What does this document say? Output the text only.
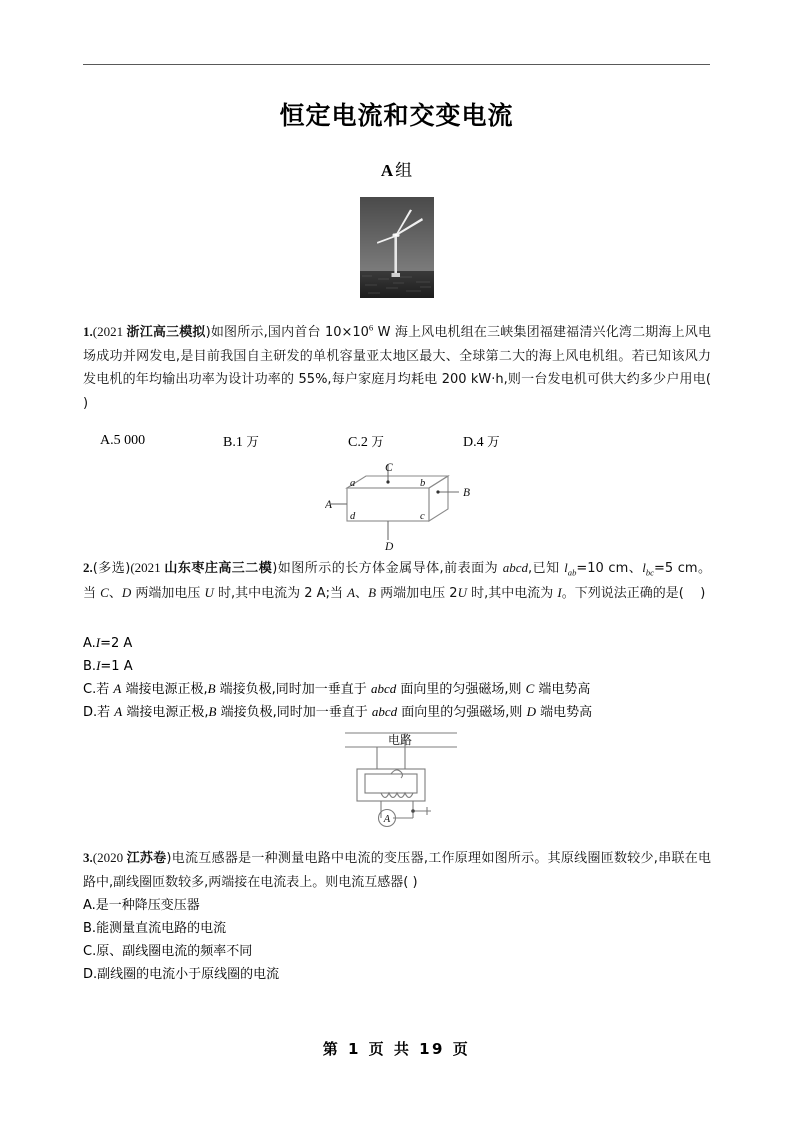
恒定电流和交变电流
A 组
1.(2021 浙江高三模拟)如图所示,国内首台 $10\times 10^6$ W 海上风电机组在三峡集团福建福清兴化湾二期海上风电场成功并网发电,是目前我国自主研发的单机容量亚太地区最大、全球第二大的海上风电机组。若已知该风力发电机的年均输出功率为设计功率的 55%,每户家庭月均耗电 200 kW·h,则一台发电机可供大约多少户用电( )
A.5 000	B.1 万	C.2 万	D.4 万
C
D
A
B
a	b
d	c
2.(多选)(2021 山东枣庄高三二模)如图所示的长方体金属导体,前表面为 abcd,已知 $l_{ab}=10$ cm、$l_{bc}=5$ cm。当 C、D 两端加电压 U 时,其中电流为 2 A;当 A、B 两端加电压 2U 时,其中电流为 I。下列说法正确的是(    )
A.I=2 A
B.I=1 A
C.若 A 端接电源正极,B 端接负极,同时加一垂直于 abcd 面向里的匀强磁场,则 C 端电势高
D.若 A 端接电源正极,B 端接负极,同时加一垂直于 abcd 面向里的匀强磁场,则 D 端电势高
A
电路
3.(2020 江苏卷)电流互感器是一种测量电路中电流的变压器,工作原理如图所示。其原线圈匝数较少,串联在电路中,副线圈匝数较多,两端接在电流表上。则电流互感器( )
A.是一种降压变压器
B.能测量直流电路的电流
C.原、副线圈电流的频率不同
D.副线圈的电流小于原线圈的电流
第 1 页 共 19 页
